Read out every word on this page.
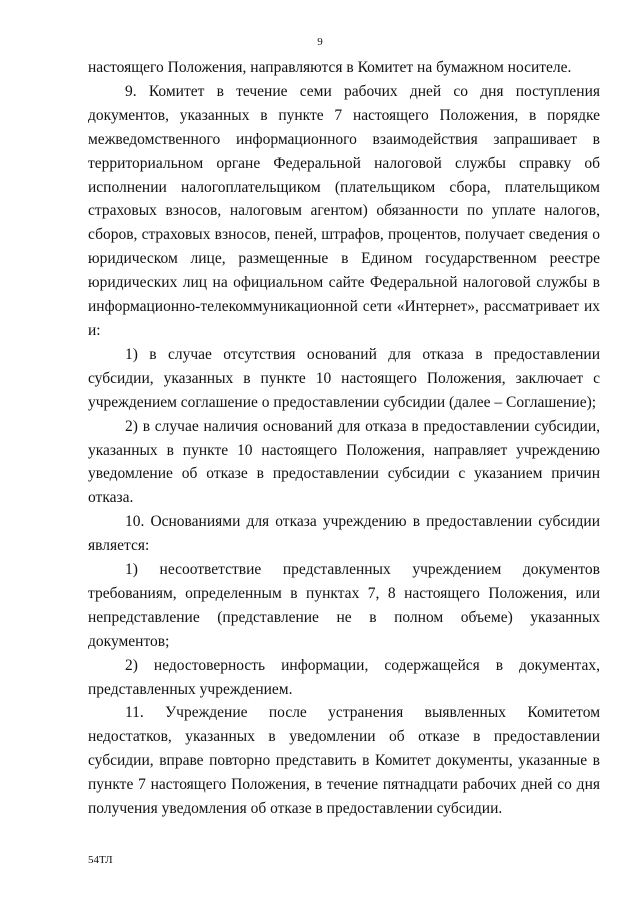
9

настоящего Положения, направляются в Комитет на бумажном носителе.

9. Комитет в течение семи рабочих дней со дня поступления документов, указанных в пункте 7 настоящего Положения, в порядке межведомственного информационного взаимодействия запрашивает в территориальном органе Федеральной налоговой службы справку об исполнении налогоплательщиком (плательщиком сбора, плательщиком страховых взносов, налоговым агентом) обязанности по уплате налогов, сборов, страховых взносов, пеней, штрафов, процентов, получает сведения о юридическом лице, размещенные в Едином государственном реестре юридических лиц на официальном сайте Федеральной налоговой службы в информационно-телекоммуникационной сети «Интернет», рассматривает их и:

1) в случае отсутствия оснований для отказа в предоставлении субсидии, указанных в пункте 10 настоящего Положения, заключает с учреждением соглашение о предоставлении субсидии (далее – Соглашение);

2) в случае наличия оснований для отказа в предоставлении субсидии, указанных в пункте 10 настоящего Положения, направляет учреждению уведомление об отказе в предоставлении субсидии с указанием причин отказа.

10. Основаниями для отказа учреждению в предоставлении субсидии является:

1) несоответствие представленных учреждением документов требованиям, определенным в пунктах 7, 8 настоящего Положения, или непредставление (представление не в полном объеме) указанных документов;

2) недостоверность информации, содержащейся в документах, представленных учреждением.

11. Учреждение после устранения выявленных Комитетом недостатков, указанных в уведомлении об отказе в предоставлении субсидии, вправе повторно представить в Комитет документы, указанные в пункте 7 настоящего Положения, в течение пятнадцати рабочих дней со дня получения уведомления об отказе в предоставлении субсидии.

54ТЛ
